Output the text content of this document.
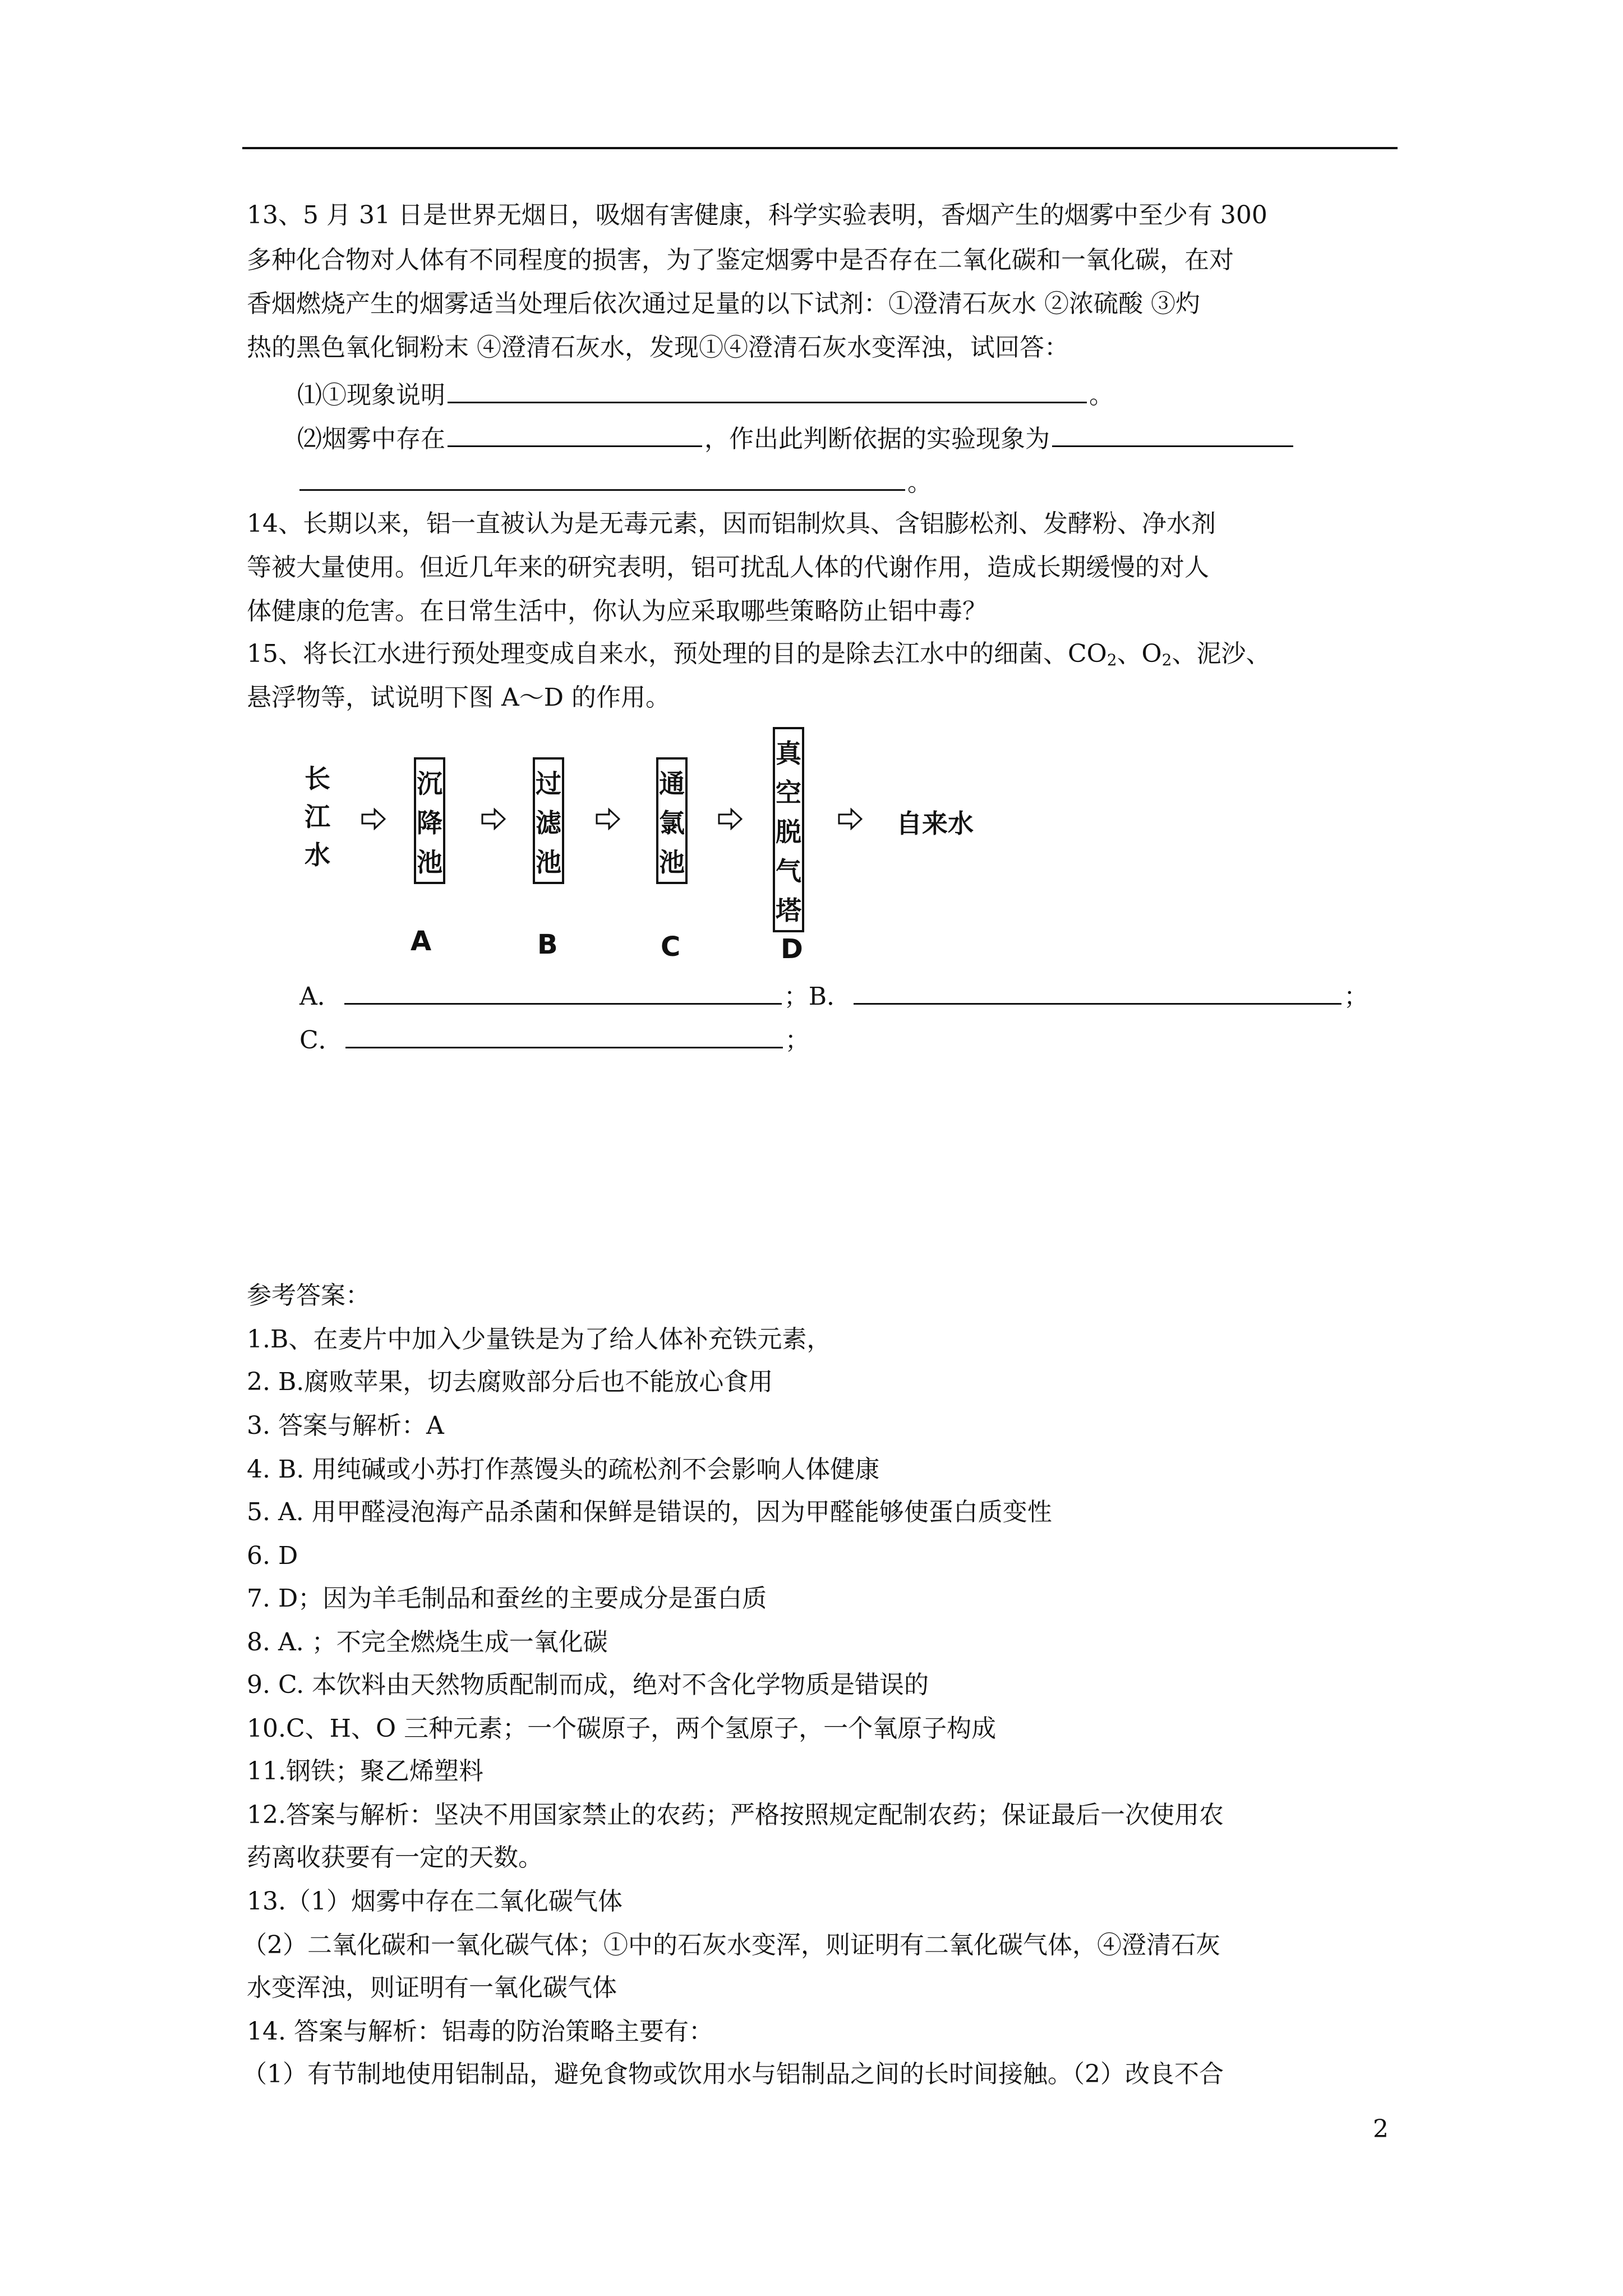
13、5 月 31 日是世界无烟日，吸烟有害健康，科学实验表明，香烟产生的烟雾中至少有 300
多种化合物对人体有不同程度的损害，为了鉴定烟雾中是否存在二氧化碳和一氧化碳，在对
香烟燃烧产生的烟雾适当处理后依次通过足量的以下试剂：①澄清石灰水 ②浓硫酸 ③灼
热的黑色氧化铜粉末 ④澄清石灰水，发现①④澄清石灰水变浑浊，试回答：
⑴①现象说明	。
⑵烟雾中存在	，作出此判断依据的实验现象为
。
14、长期以来，铝一直被认为是无毒元素，因而铝制炊具、含铝膨松剂、发酵粉、净水剂
等被大量使用。但近几年来的研究表明，铝可扰乱人体的代谢作用，造成长期缓慢的对人
体健康的危害。在日常生活中，你认为应采取哪些策略防止铝中毒？
15、将长江水进行预处理变成自来水，预处理的目的是除去江水中的细菌、$CO_2$、$O_2$、泥沙、
悬浮物等，试说明下图 A～D 的作用。
长
江
水
沉
降
池
过
滤
池
通
氯
池
真
空
脱
气
塔
自来水
A	B	C	D
A．	；B．	；
C．	；
参考答案：
1.B、在麦片中加入少量铁是为了给人体补充铁元素，
2. B.腐败苹果，切去腐败部分后也不能放心食用
3. 答案与解析：A
4. B. 用纯碱或小苏打作蒸馒头的疏松剂不会影响人体健康
5. A. 用甲醛浸泡海产品杀菌和保鲜是错误的，因为甲醛能够使蛋白质变性
6. D
7. D；因为羊毛制品和蚕丝的主要成分是蛋白质
8. A. ；不完全燃烧生成一氧化碳
9. C. 本饮料由天然物质配制而成，绝对不含化学物质是错误的
10.C、H、O 三种元素；一个碳原子，两个氢原子，一个氧原子构成
11.钢铁；聚乙烯塑料
12.答案与解析：坚决不用国家禁止的农药；严格按照规定配制农药；保证最后一次使用农
药离收获要有一定的天数。
13.（1）烟雾中存在二氧化碳气体
（2）二氧化碳和一氧化碳气体；①中的石灰水变浑，则证明有二氧化碳气体，④澄清石灰
水变浑浊，则证明有一氧化碳气体
14. 答案与解析：铝毒的防治策略主要有：
（1）有节制地使用铝制品，避免食物或饮用水与铝制品之间的长时间接触。（2）改良不合
2
